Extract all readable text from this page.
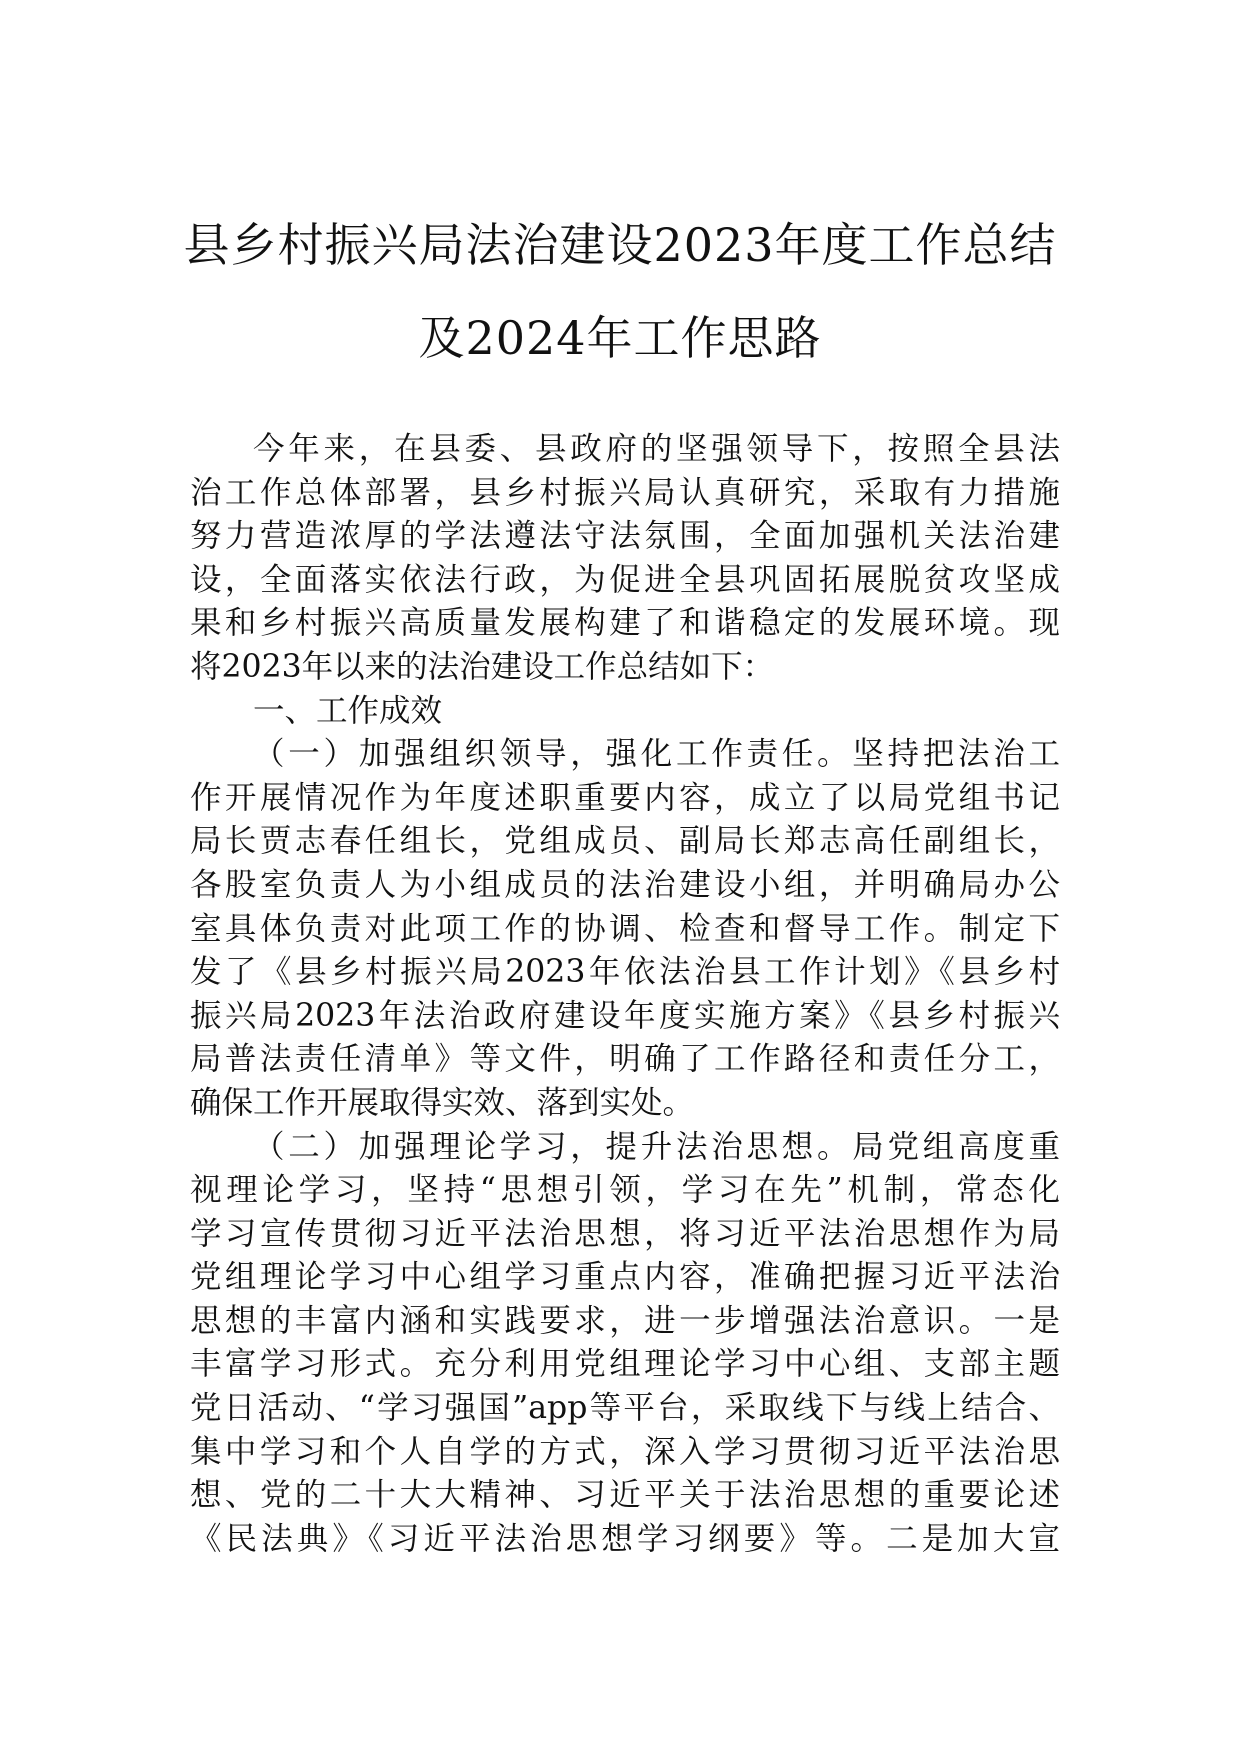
县乡村振兴局法治建设2023年度工作总结
及2024年工作思路
今年来，在县委、县政府的坚强领导下，按照全县法
治工作总体部署，县乡村振兴局认真研究，采取有力措施
努力营造浓厚的学法遵法守法氛围，全面加强机关法治建
设，全面落实依法行政，为促进全县巩固拓展脱贫攻坚成
果和乡村振兴高质量发展构建了和谐稳定的发展环境。现
将2023年以来的法治建设工作总结如下：
一、工作成效
（一）加强组织领导，强化工作责任。坚持把法治工
作开展情况作为年度述职重要内容，成立了以局党组书记
局长贾志春任组长，党组成员、副局长郑志高任副组长，
各股室负责人为小组成员的法治建设小组，并明确局办公
室具体负责对此项工作的协调、检查和督导工作。制定下
发了《县乡村振兴局2023年依法治县工作计划》《县乡村
振兴局2023年法治政府建设年度实施方案》《县乡村振兴
局普法责任清单》等文件，明确了工作路径和责任分工，
确保工作开展取得实效、落到实处。
（二）加强理论学习，提升法治思想。局党组高度重
视理论学习，坚持“思想引领，学习在先”机制，常态化
学习宣传贯彻习近平法治思想，将习近平法治思想作为局
党组理论学习中心组学习重点内容，准确把握习近平法治
思想的丰富内涵和实践要求，进一步增强法治意识。一是
丰富学习形式。充分利用党组理论学习中心组、支部主题
党日活动、“学习强国”app等平台，采取线下与线上结合、
集中学习和个人自学的方式，深入学习贯彻习近平法治思
想、党的二十大大精神、习近平关于法治思想的重要论述
《民法典》《习近平法治思想学习纲要》等。二是加大宣
